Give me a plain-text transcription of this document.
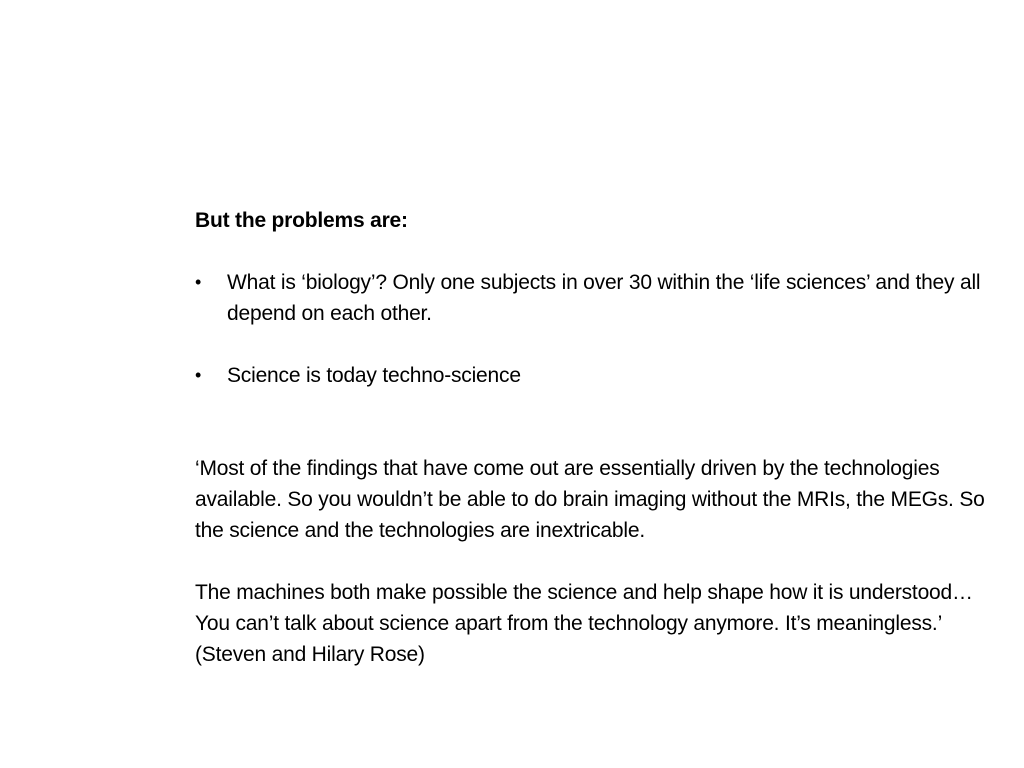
But the problems are:

• What is ‘biology’? Only one subjects in over 30 within the ‘life sciences’ and they all depend on each other.
• Science is today techno-science

‘Most of the findings that have come out are essentially driven by the technologies available. So you wouldn’t be able to do brain imaging without the MRIs, the MEGs. So the science and the technologies are inextricable.

The machines both make possible the science and help shape how it is understood…You can’t talk about science apart from the technology anymore. It’s meaningless.’ (Steven and Hilary Rose)
